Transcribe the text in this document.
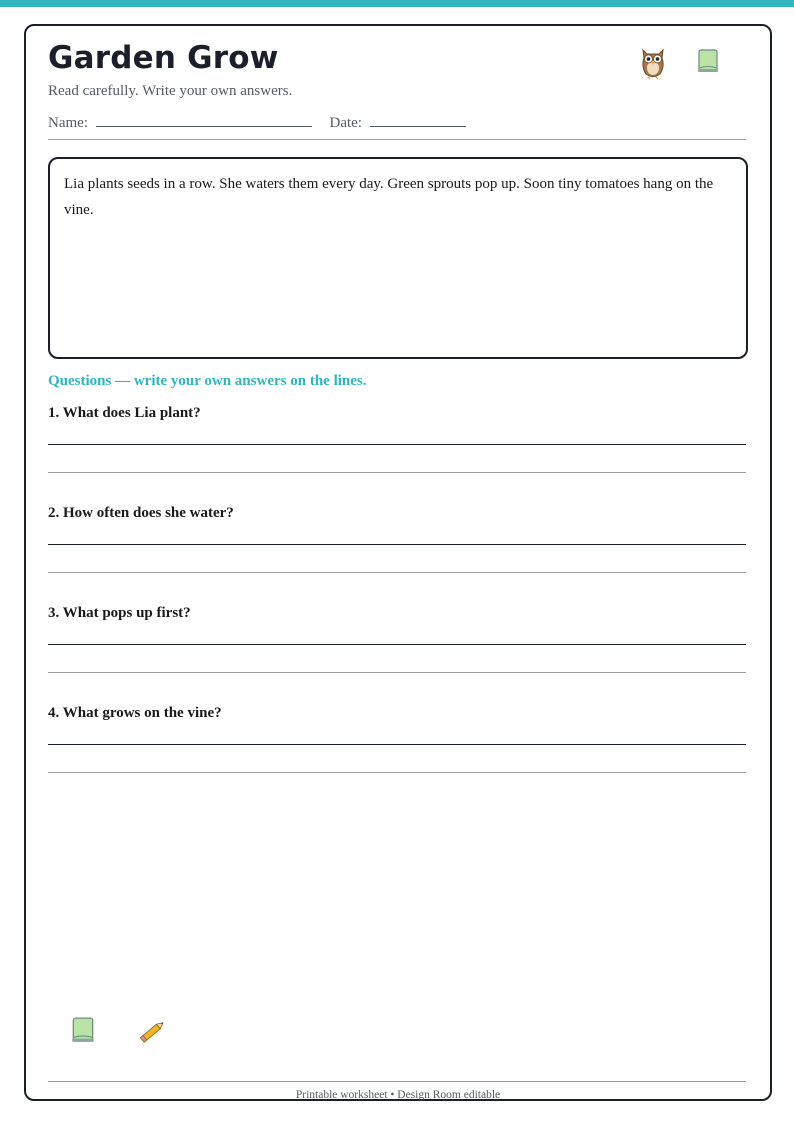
Garden Grow
Read carefully. Write your own answers.
Name:	Date:
Lia plants seeds in a row. She waters them every day. Green sprouts pop up. Soon tiny tomatoes hang on the vine.
Questions — write your own answers on the lines.
1. What does Lia plant?
2. How often does she water?
3. What pops up first?
4. What grows on the vine?
Printable worksheet • Design Room editable
